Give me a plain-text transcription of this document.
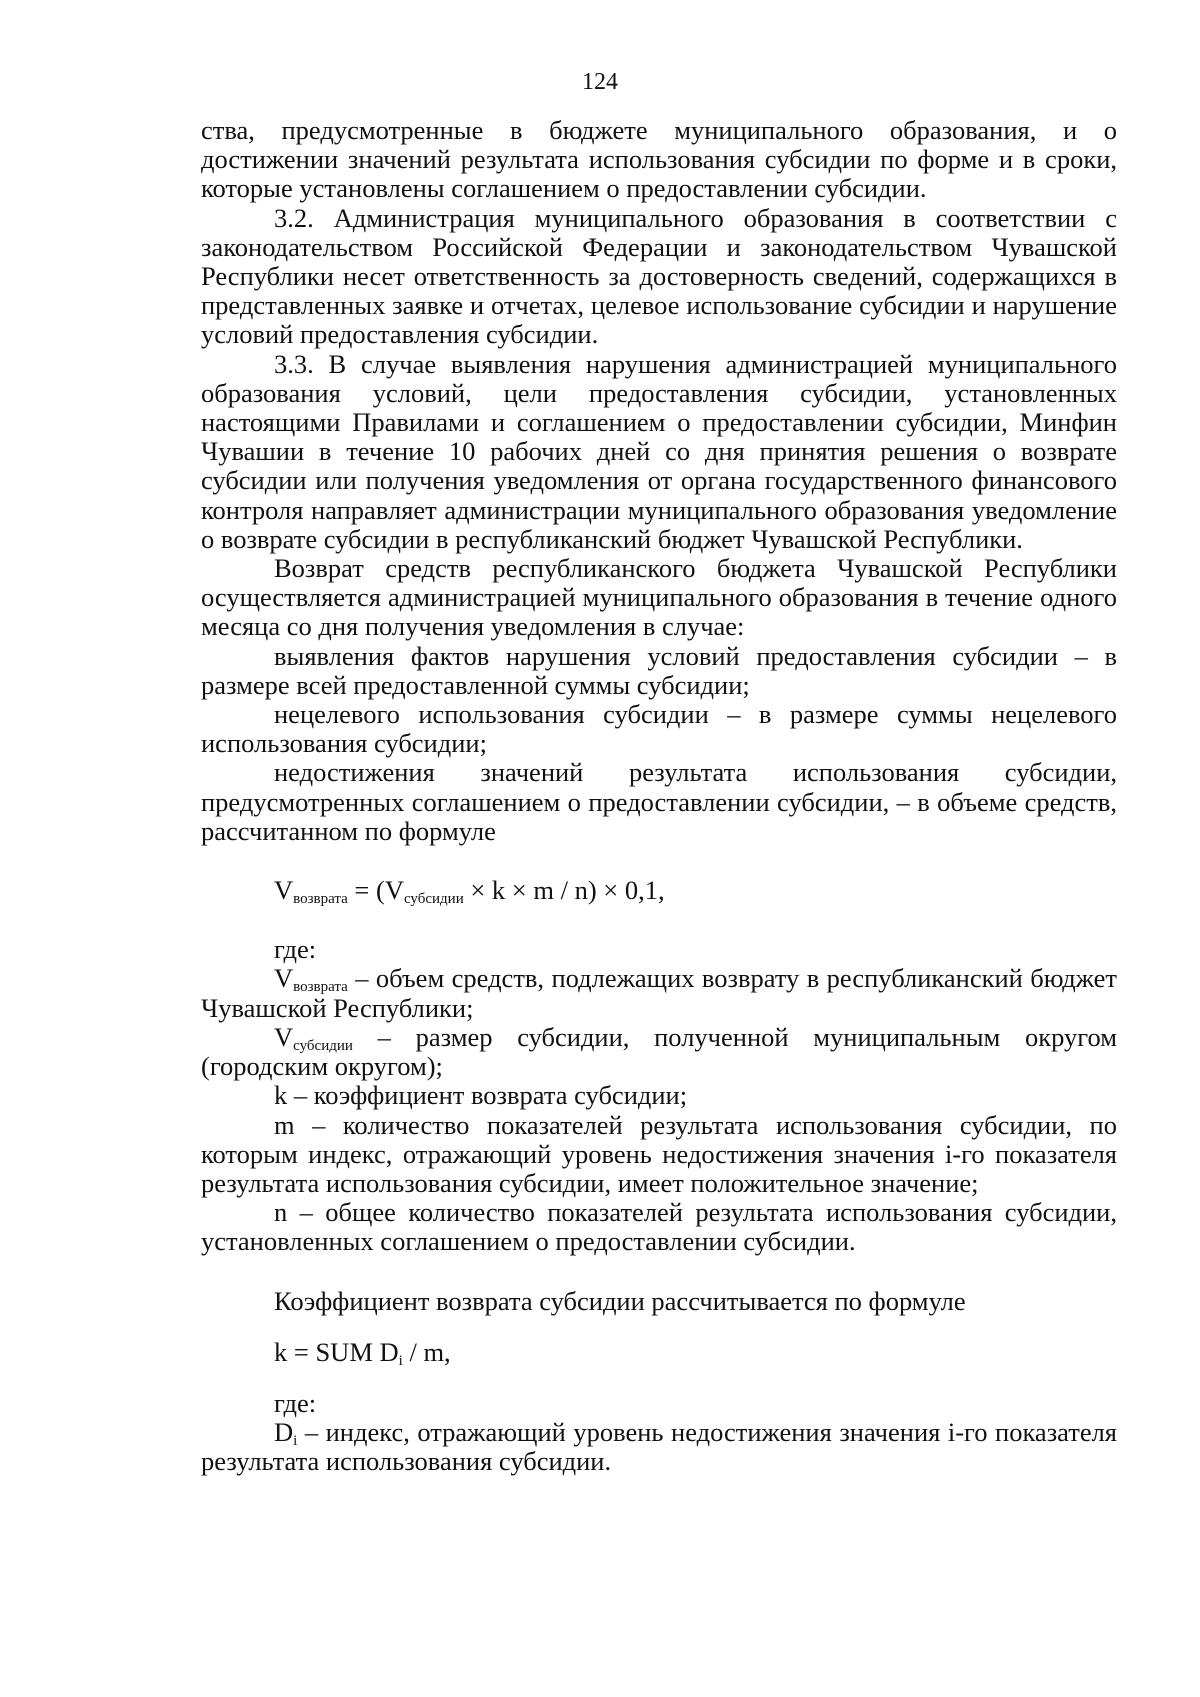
124

ства, предусмотренные в бюджете муниципального образования, и о достижении значений результата использования субсидии по форме и в сроки, которые установлены соглашением о предоставлении субсидии.

3.2. Администрация муниципального образования в соответствии с законодательством Российской Федерации и законодательством Чувашской Республики несет ответственность за достоверность сведений, содержащихся в представленных заявке и отчетах, целевое использование субсидии и нарушение условий предоставления субсидии.

3.3. В случае выявления нарушения администрацией муниципального образования условий, цели предоставления субсидии, установленных настоящими Правилами и соглашением о предоставлении субсидии, Минфин Чувашии в течение 10 рабочих дней со дня принятия решения о возврате субсидии или получения уведомления от органа государственного финансового контроля направляет администрации муниципального образования уведомление о возврате субсидии в республиканский бюджет Чувашской Республики.

Возврат средств республиканского бюджета Чувашской Республики осуществляется администрацией муниципального образования в течение одного месяца со дня получения уведомления в случае:

выявления фактов нарушения условий предоставления субсидии – в размере всей предоставленной суммы субсидии;

нецелевого использования субсидии – в размере суммы нецелевого использования субсидии;

недостижения значений результата использования субсидии, предусмотренных соглашением о предоставлении субсидии, – в объеме средств, рассчитанном по формуле

$V_{возврата} = (V_{субсидии} \times k \times m / n) \times 0,1$,

где:

$V_{возврата}$ – объем средств, подлежащих возврату в республиканский бюджет Чувашской Республики;

$V_{субсидии}$ – размер субсидии, полученной муниципальным округом (городским округом);

k – коэффициент возврата субсидии;

m – количество показателей результата использования субсидии, по которым индекс, отражающий уровень недостижения значения i-го показателя результата использования субсидии, имеет положительное значение;

n – общее количество показателей результата использования субсидии, установленных соглашением о предоставлении субсидии.

Коэффициент возврата субсидии рассчитывается по формуле

k = SUM $D_i$ / m,

где:

$D_i$ – индекс, отражающий уровень недостижения значения i-го показателя результата использования субсидии.
